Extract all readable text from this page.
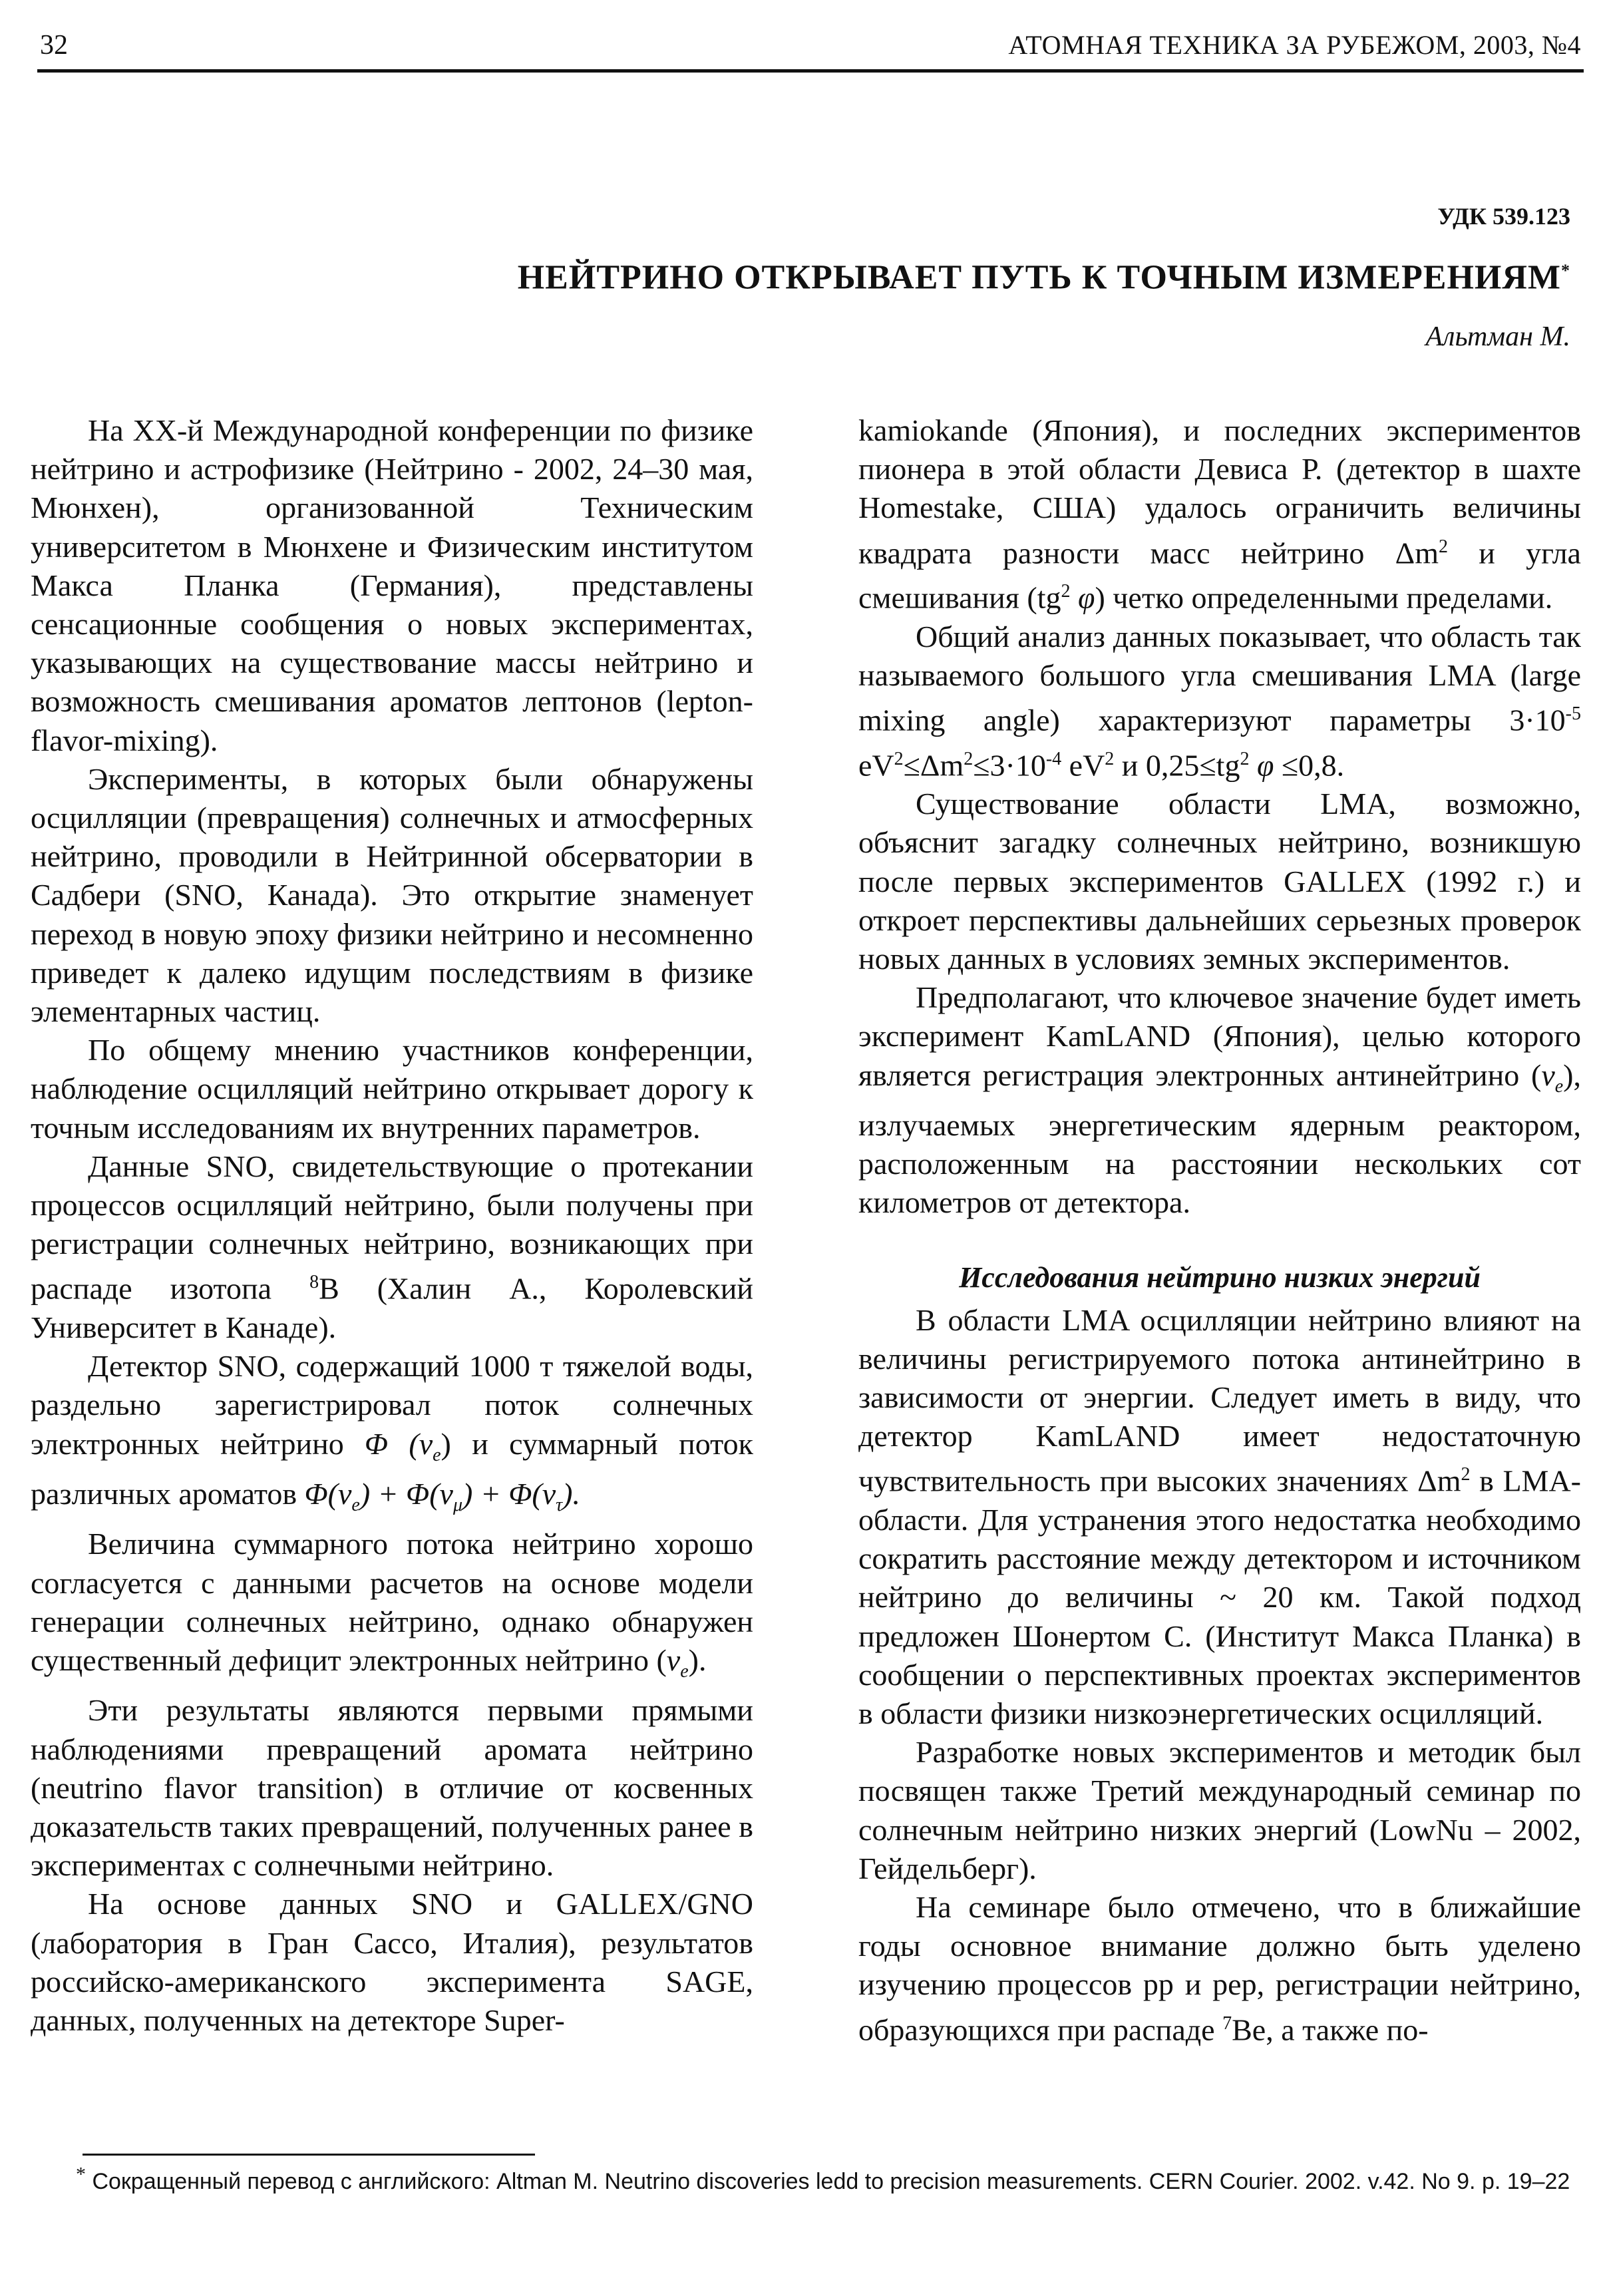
32	АТОМНАЯ ТЕХНИКА ЗА РУБЕЖОМ, 2003, №4
УДК 539.123
НЕЙТРИНО ОТКРЫВАЕТ ПУТЬ К ТОЧНЫМ ИЗМЕРЕНИЯМ*
Альтман М.

На XX-й Международной конференции по физике нейтрино и астрофизике (Нейтрино - 2002, 24–30 мая, Мюнхен), организованной Техническим университетом в Мюнхене и Физическим институтом Макса Планка (Германия), представлены сенсационные сообщения о новых экспериментах, указывающих на существование массы нейтрино и возможность смешивания ароматов лептонов (lepton-flavor-mixing).

Эксперименты, в которых были обнаружены осцилляции (превращения) солнечных и атмосферных нейтрино, проводили в Нейтринной обсерватории в Садбери (SNO, Канада). Это открытие знаменует переход в новую эпоху физики нейтрино и несомненно приведет к далеко идущим последствиям в физике элементарных частиц.

По общему мнению участников конференции, наблюдение осцилляций нейтрино открывает дорогу к точным исследованиям их внутренних параметров.

Данные SNO, свидетельствующие о протекании процессов осцилляций нейтрино, были получены при регистрации солнечных нейтрино, возникающих при распаде изотопа $^8$B (Халин А., Королевский Университет в Канаде).

Детектор SNO, содержащий 1000 т тяжелой воды, раздельно зарегистрировал поток солнечных электронных нейтрино Φ $(\nu_e)$ и суммарный поток различных ароматов $\Phi(\nu_e) + \Phi(\nu_\mu) + \Phi(\nu_\tau)$.

Величина суммарного потока нейтрино хорошо согласуется с данными расчетов на основе модели генерации солнечных нейтрино, однако обнаружен существенный дефицит электронных нейтрино $(\nu_e)$.

Эти результаты являются первыми прямыми наблюдениями превращений аромата нейтрино (neutrino flavor transition) в отличие от косвенных доказательств таких превращений, полученных ранее в экспериментах с солнечными нейтрино.

На основе данных SNO и GALLEX/GNO (лаборатория в Гран Сассо, Италия), результатов российско-американского эксперимента SAGE, данных, полученных на детекторе Super-

kamiokande (Япония), и последних экспериментов пионера в этой области Девиса Р. (детектор в шахте Homestake, США) удалось ограничить величины квадрата разности масс нейтрино $\Delta m^2$ и угла смешивания ($tg^2$ φ) четко определенными пределами.

Общий анализ данных показывает, что область так называемого большого угла смешивания LMA (large mixing angle) характеризуют параметры $3\cdot 10^{-5}$ $eV^2\le\Delta m^2\le 3\cdot 10^{-4}$ $eV^2$ и $0,25\le tg^2$ φ ≤0,8.

Существование области LMA, возможно, объяснит загадку солнечных нейтрино, возникшую после первых экспериментов GALLEX (1992 г.) и откроет перспективы дальнейших серьезных проверок новых данных в условиях земных экспериментов.

Предполагают, что ключевое значение будет иметь эксперимент KamLAND (Япония), целью которого является регистрация электронных антинейтрино $(\nu_e)$, излучаемых энергетическим ядерным реактором, расположенным на расстоянии нескольких сот километров от детектора.

Исследования нейтрино низких энергий

В области LMA осцилляции нейтрино влияют на величины регистрируемого потока антинейтрино в зависимости от энергии. Следует иметь в виду, что детектор KamLAND имеет недостаточную чувствительность при высоких значениях $\Delta m^2$ в LMA-области. Для устранения этого недостатка необходимо сократить расстояние между детектором и источником нейтрино до величины ~ 20 км. Такой подход предложен Шонертом С. (Институт Макса Планка) в сообщении о перспективных проектах экспериментов в области физики низкоэнергетических осцилляций.

Разработке новых экспериментов и методик был посвящен также Третий международный семинар по солнечным нейтрино низких энергий (LowNu – 2002, Гейдельберг).

На семинаре было отмечено, что в ближайшие годы основное внимание должно быть уделено изучению процессов pp и pep, регистрации нейтрино, образующихся при распаде $^7$Be, а также по-

* Сокращенный перевод с английского: Altman M. Neutrino discoveries ledd to precision measurements. CERN Courier. 2002. v.42. No 9. p. 19–22
